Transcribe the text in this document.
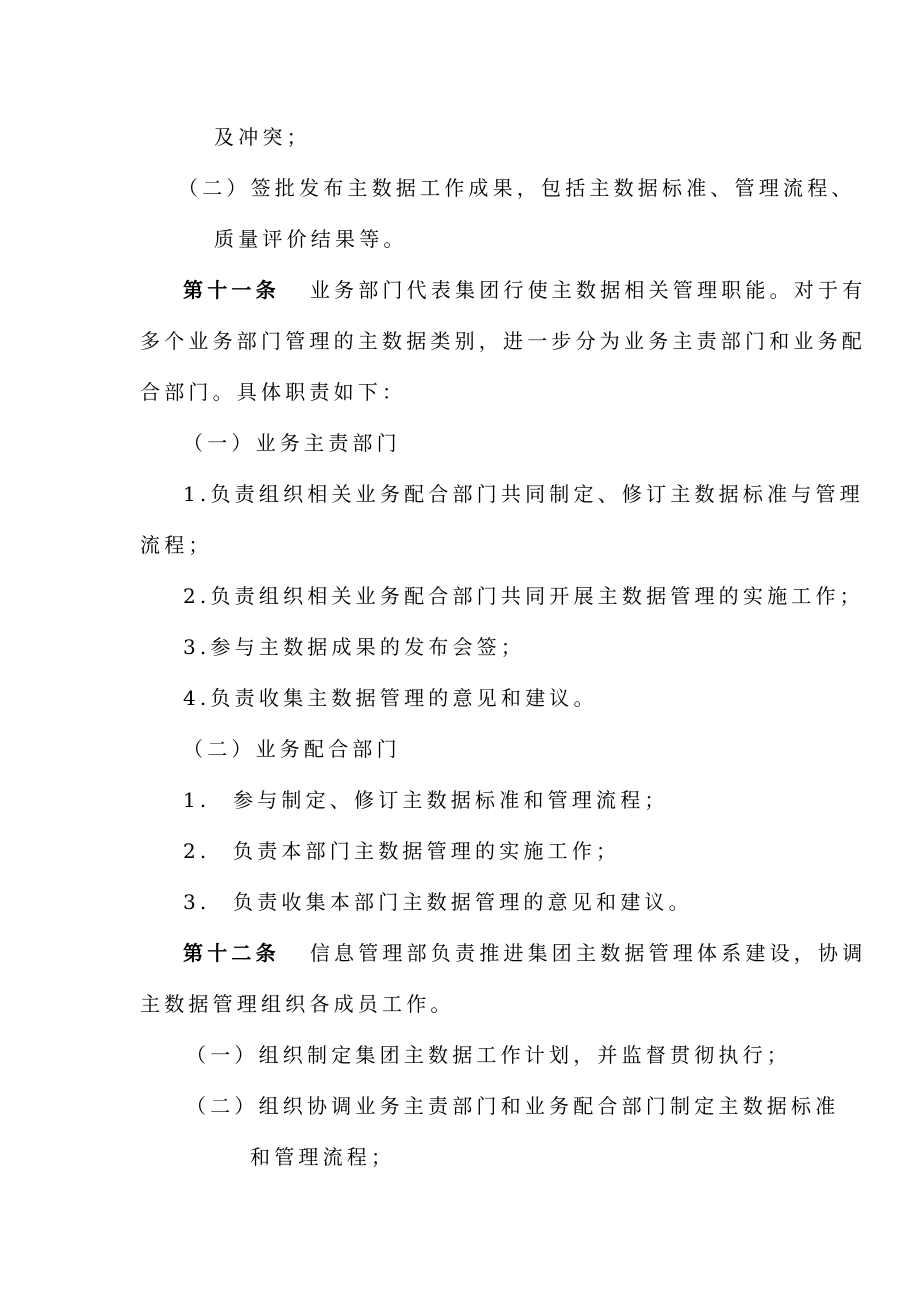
及冲突；
（二）签批发布主数据工作成果，包括主数据标准、管理流程、
质量评价结果等。
第十一条 业务部门代表集团行使主数据相关管理职能。对于有
多个业务部门管理的主数据类别，进一步分为业务主责部门和业务配
合部门。具体职责如下：
（一）业务主责部门
1.负责组织相关业务配合部门共同制定、修订主数据标准与管理
流程；
2.负责组织相关业务配合部门共同开展主数据管理的实施工作；
3.参与主数据成果的发布会签；
4.负责收集主数据管理的意见和建议。
（二）业务配合部门
1. 参与制定、修订主数据标准和管理流程；
2. 负责本部门主数据管理的实施工作；
3. 负责收集本部门主数据管理的意见和建议。
第十二条 信息管理部负责推进集团主数据管理体系建设，协调
主数据管理组织各成员工作。
（一）组织制定集团主数据工作计划，并监督贯彻执行；
（二）组织协调业务主责部门和业务配合部门制定主数据标准
和管理流程；
